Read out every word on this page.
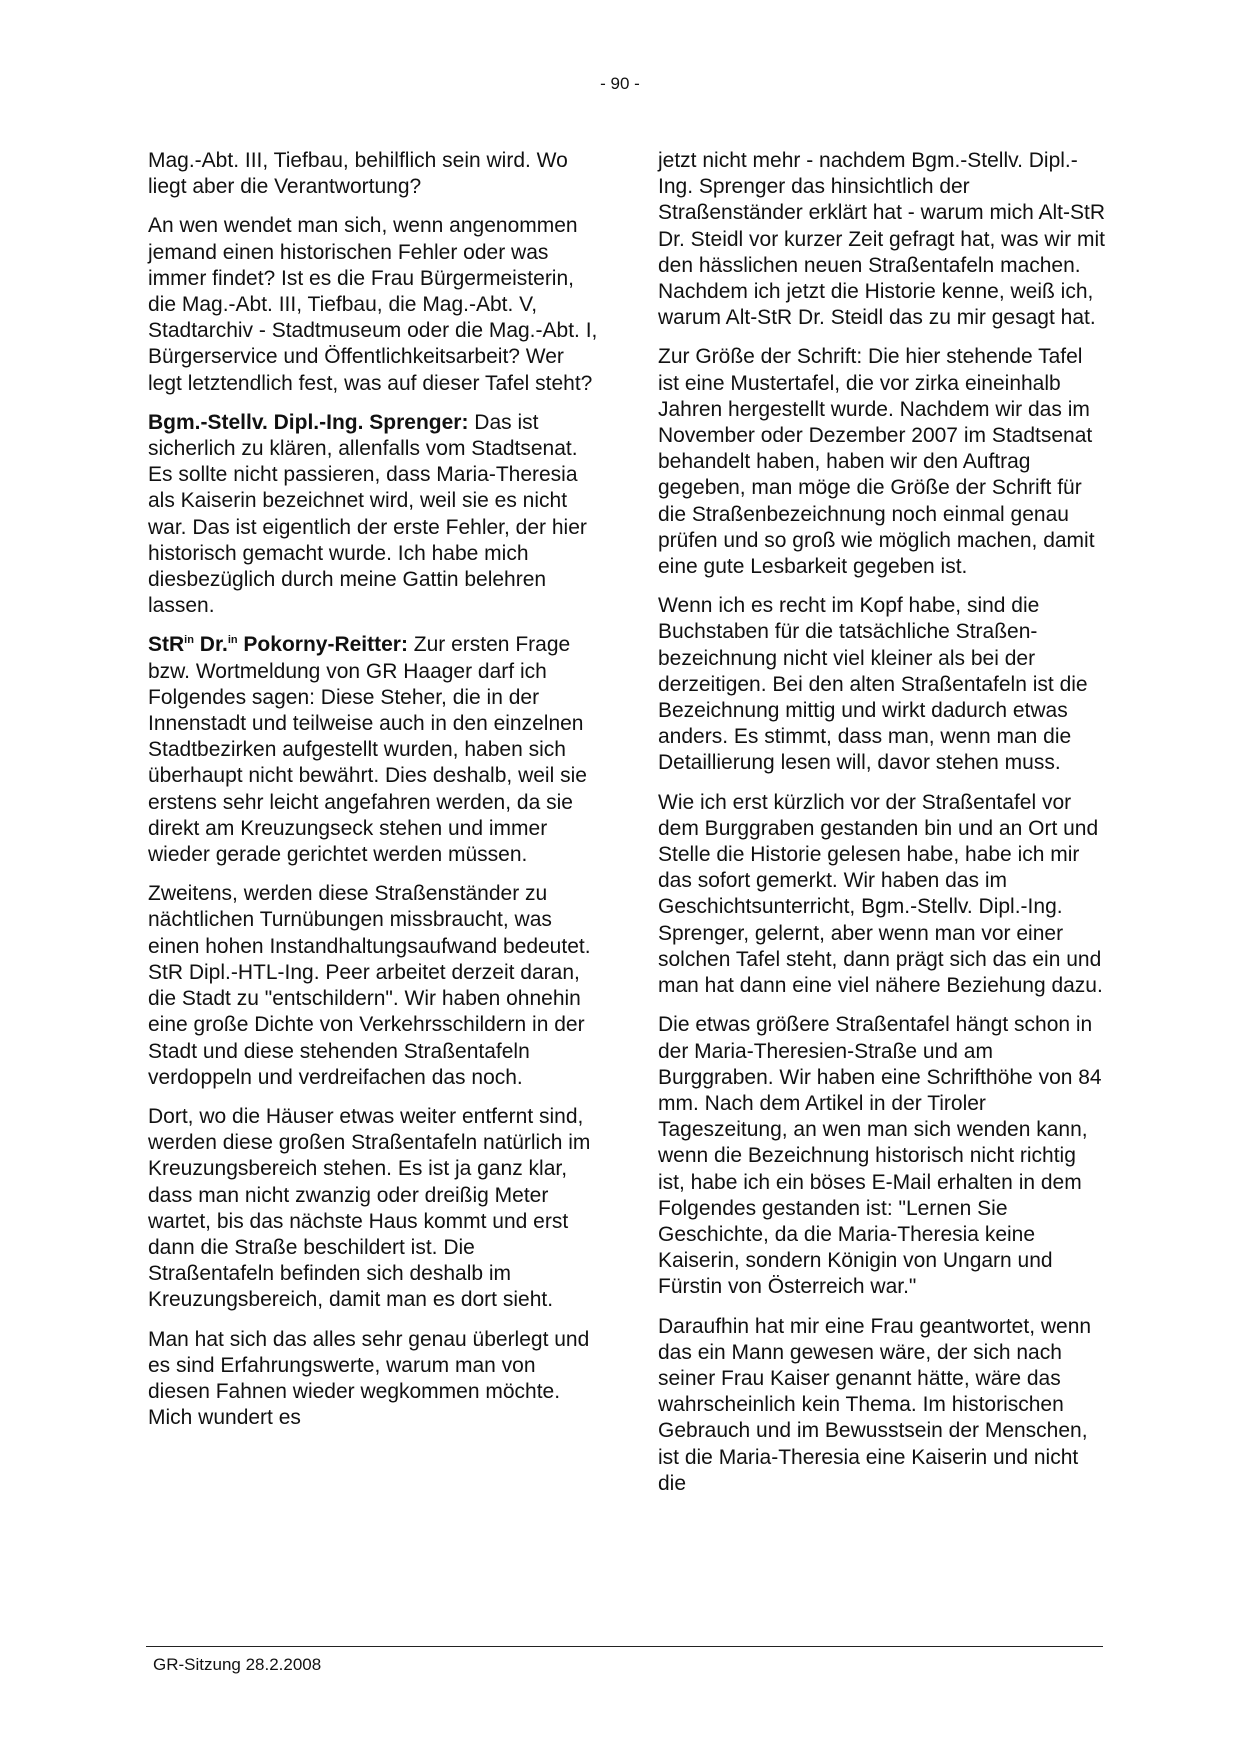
- 90 -

Mag.-Abt. III, Tiefbau, behilflich sein wird. Wo liegt aber die Verantwortung?

An wen wendet man sich, wenn angenommen jemand einen historischen Fehler oder was immer findet? Ist es die Frau Bürgermeisterin, die Mag.-Abt. III, Tiefbau, die Mag.-Abt. V, Stadtarchiv - Stadtmuseum oder die Mag.-Abt. I, Bürgerservice und Öffentlichkeitsarbeit? Wer legt letztendlich fest, was auf dieser Tafel steht?

Bgm.-Stellv. Dipl.-Ing. Sprenger: Das ist sicherlich zu klären, allenfalls vom Stadtsenat. Es sollte nicht passieren, dass Maria-Theresia als Kaiserin bezeichnet wird, weil sie es nicht war. Das ist eigentlich der erste Fehler, der hier historisch gemacht wurde. Ich habe mich diesbezüglich durch meine Gattin belehren lassen.

StR$^{in}$ Dr.$^{in}$ Pokorny-Reitter: Zur ersten Frage bzw. Wortmeldung von GR Haager darf ich Folgendes sagen: Diese Steher, die in der Innenstadt und teilweise auch in den einzelnen Stadtbezirken aufgestellt wurden, haben sich überhaupt nicht bewährt. Dies deshalb, weil sie erstens sehr leicht angefahren werden, da sie direkt am Kreuzungseck stehen und immer wieder gerade gerichtet werden müssen.

Zweitens, werden diese Straßenständer zu nächtlichen Turnübungen missbraucht, was einen hohen Instandhaltungsaufwand bedeutet. StR Dipl.-HTL-Ing. Peer arbeitet derzeit daran, die Stadt zu "entschildern". Wir haben ohnehin eine große Dichte von Verkehrsschildern in der Stadt und diese stehenden Straßentafeln verdoppeln und verdreifachen das noch.

Dort, wo die Häuser etwas weiter entfernt sind, werden diese großen Straßentafeln natürlich im Kreuzungsbereich stehen. Es ist ja ganz klar, dass man nicht zwanzig oder dreißig Meter wartet, bis das nächste Haus kommt und erst dann die Straße beschildert ist. Die Straßentafeln befinden sich deshalb im Kreuzungsbereich, damit man es dort sieht.

Man hat sich das alles sehr genau überlegt und es sind Erfahrungswerte, warum man von diesen Fahnen wieder wegkommen möchte. Mich wundert es

jetzt nicht mehr - nachdem Bgm.-Stellv. Dipl.-Ing. Sprenger das hinsichtlich der Straßenständer erklärt hat - warum mich Alt-StR Dr. Steidl vor kurzer Zeit gefragt hat, was wir mit den hässlichen neuen Straßentafeln machen. Nachdem ich jetzt die Historie kenne, weiß ich, warum Alt-StR Dr. Steidl das zu mir gesagt hat.

Zur Größe der Schrift: Die hier stehende Tafel ist eine Mustertafel, die vor zirka eineinhalb Jahren hergestellt wurde. Nachdem wir das im November oder Dezember 2007 im Stadtsenat behandelt haben, haben wir den Auftrag gegeben, man möge die Größe der Schrift für die Straßenbezeichnung noch einmal genau prüfen und so groß wie möglich machen, damit eine gute Lesbarkeit gegeben ist.

Wenn ich es recht im Kopf habe, sind die Buchstaben für die tatsächliche Straßenbezeichnung nicht viel kleiner als bei der derzeitigen. Bei den alten Straßentafeln ist die Bezeichnung mittig und wirkt dadurch etwas anders. Es stimmt, dass man, wenn man die Detaillierung lesen will, davor stehen muss.

Wie ich erst kürzlich vor der Straßentafel vor dem Burggraben gestanden bin und an Ort und Stelle die Historie gelesen habe, habe ich mir das sofort gemerkt. Wir haben das im Geschichtsunterricht, Bgm.-Stellv. Dipl.-Ing. Sprenger, gelernt, aber wenn man vor einer solchen Tafel steht, dann prägt sich das ein und man hat dann eine viel nähere Beziehung dazu.

Die etwas größere Straßentafel hängt schon in der Maria-Theresien-Straße und am Burggraben. Wir haben eine Schrifthöhe von 84 mm. Nach dem Artikel in der Tiroler Tageszeitung, an wen man sich wenden kann, wenn die Bezeichnung historisch nicht richtig ist, habe ich ein böses E-Mail erhalten in dem Folgendes gestanden ist: "Lernen Sie Geschichte, da die Maria-Theresia keine Kaiserin, sondern Königin von Ungarn und Fürstin von Österreich war."

Daraufhin hat mir eine Frau geantwortet, wenn das ein Mann gewesen wäre, der sich nach seiner Frau Kaiser genannt hätte, wäre das wahrscheinlich kein Thema. Im historischen Gebrauch und im Bewusstsein der Menschen, ist die Maria-Theresia eine Kaiserin und nicht die

GR-Sitzung 28.2.2008
